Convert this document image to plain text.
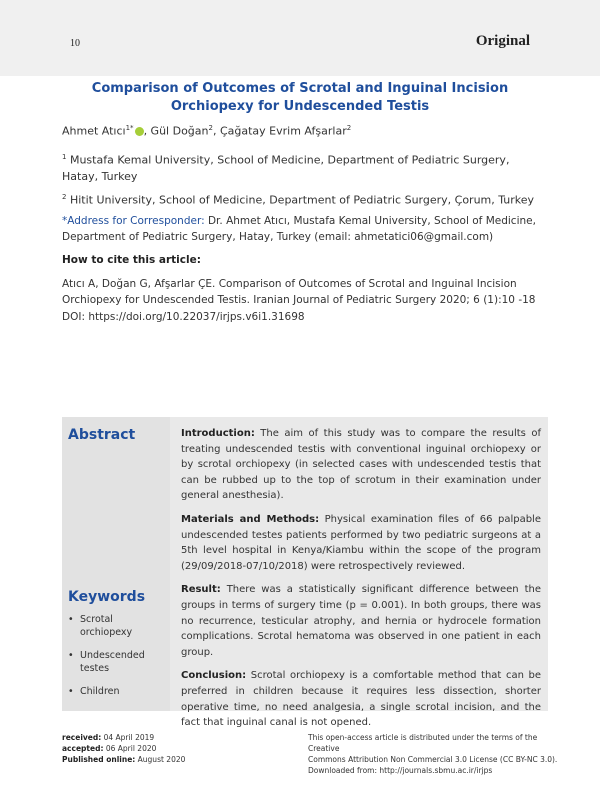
10	Original
Comparison of Outcomes of Scrotal and Inguinal Incision Orchiopexy for Undescended Testis
Ahmet Atıcı$^{1*}$ , Gül Doğan$^2$, Çağatay Evrim Afşarlar$^2$
$^1$ Mustafa Kemal University, School of Medicine, Department of Pediatric Surgery,
Hatay, Turkey
$^2$ Hitit University, School of Medicine, Department of Pediatric Surgery, Çorum, Turkey
*Address for Corresponder: Dr. Ahmet Atıcı, Mustafa Kemal University, School of Medicine,
Department of Pediatric Surgery, Hatay, Turkey (email: ahmetatici06@gmail.com)
How to cite this article:
Atıcı A, Doğan G, Afşarlar ÇE. Comparison of Outcomes of Scrotal and Inguinal Incision
Orchiopexy for Undescended Testis. Iranian Journal of Pediatric Surgery 2020; 6 (1):10 -18
DOI: https://doi.org/10.22037/irjps.v6i1.31698
Abstract
Keywords
• Scrotal orchiopexy
• Undescended testes
• Children

Introduction: The aim of this study was to compare the results of treating undescended testis with conventional inguinal orchiopexy or by scrotal orchiopexy (in selected cases with undescended testis that can be rubbed up to the top of scrotum in their examination under general anesthesia).

Materials and Methods: Physical examination files of 66 palpable undescended testes patients performed by two pediatric surgeons at a 5th level hospital in Kenya/Kiambu within the scope of the program (29/09/2018-07/10/2018) were retrospectively reviewed.

Result: There was a statistically significant difference between the groups in terms of surgery time (p = 0.001). In both groups, there was no recurrence, testicular atrophy, and hernia or hydrocele formation complications. Scrotal hematoma was observed in one patient in each group.

Conclusion: Scrotal orchiopexy is a comfortable method that can be preferred in children because it requires less dissection, shorter operative time, no need analgesia, a single scrotal incision, and the fact that inguinal canal is not opened.

received: 04 April 2019
accepted: 06 April 2020
Published online: August 2020
This open-access article is distributed under the terms of the Creative
Commons Attribution Non Commercial 3.0 License (CC BY-NC 3.0).
Downloaded from: http://journals.sbmu.ac.ir/irjps
